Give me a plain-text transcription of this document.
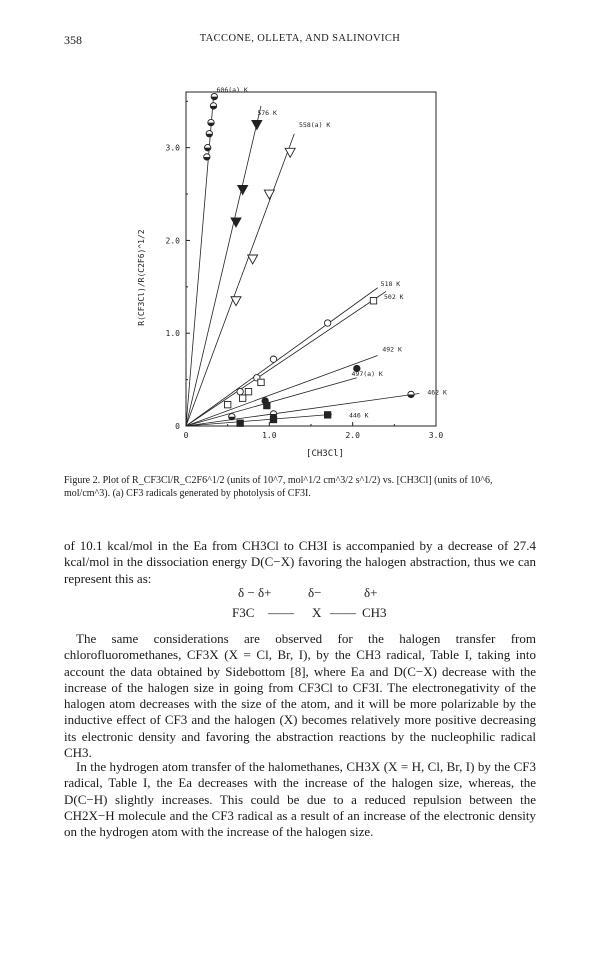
358	TACCONE, OLLETA, AND SALINOVICH
0	1.0	2.0	3.0
0
1.0
2.0
3.0
[CH3Cl]
R(CF3Cl)/R(C2F6)^1/2
606(a) K
576 K
558(a) K
518 K
502 K
492 K
497(a) K
462 K
446 K
Figure 2. Plot of R_CF3Cl/R_C2F6^1/2 (units of 10^7, mol^1/2 cm^3/2 s^1/2) vs. [CH3Cl] (units of 10^6, mol/cm^3). (a) CF3 radicals generated by photolysis of CF3I.
of 10.1 kcal/mol in the Ea from CH3Cl to CH3I is accompanied by a decrease of 27.4 kcal/mol in the dissociation energy D(C−X) favoring the halogen abstraction, thus we can represent this as:
δ − δ+	δ−	δ+
F3C —— X —— CH3
The same considerations are observed for the halogen transfer from chlorofluoromethanes, CF3X (X = Cl, Br, I), by the CH3 radical, Table I, taking into account the data obtained by Sidebottom [8], where Ea and D(C−X) decrease with the increase of the halogen size in going from CF3Cl to CF3I. The electronegativity of the halogen atom decreases with the size of the atom, and it will be more polarizable by the inductive effect of CF3 and the halogen (X) becomes relatively more positive decreasing its electronic density and favoring the abstraction reactions by the nucleophilic radical CH3.
In the hydrogen atom transfer of the halomethanes, CH3X (X = H, Cl, Br, I) by the CF3 radical, Table I, the Ea decreases with the increase of the halogen size, whereas, the D(C−H) slightly increases. This could be due to a reduced repulsion between the CH2X−H molecule and the CF3 radical as a result of an increase of the electronic density on the hydrogen atom with the increase of the halogen size.
